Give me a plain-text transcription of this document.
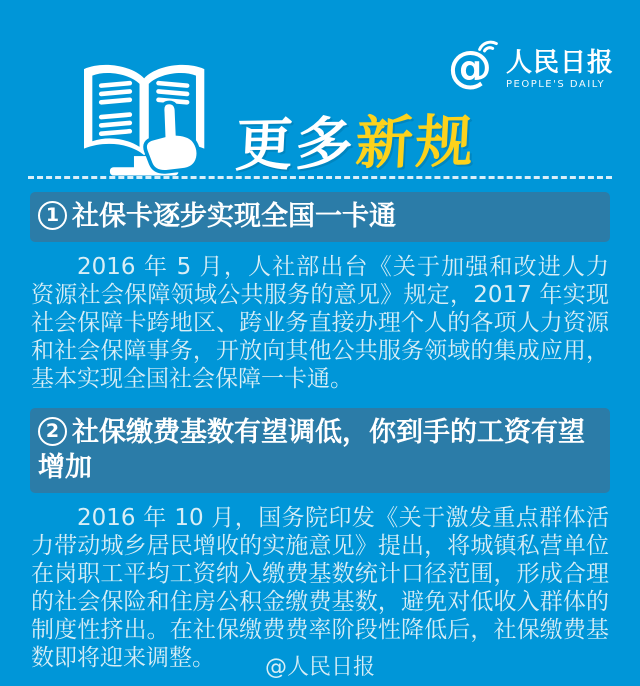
更多新规
@ 人民日报
PEOPLE'S DAILY
1 社保卡逐步实现全国一卡通

2016 年 5 月，人社部出台《关于加强和改进人力资源社会保障领域公共服务的意见》规定，2017 年实现社会保障卡跨地区、跨业务直接办理个人的各项人力资源和社会保障事务，开放向其他公共服务领域的集成应用，基本实现全国社会保障一卡通。

2 社保缴费基数有望调低，你到手的工资有望增加

2016 年 10 月，国务院印发《关于激发重点群体活力带动城乡居民增收的实施意见》提出，将城镇私营单位在岗职工平均工资纳入缴费基数统计口径范围，形成合理的社会保险和住房公积金缴费基数，避免对低收入群体的制度性挤出。在社保缴费费率阶段性降低后，社保缴费基数即将迎来调整。	@人民日报
